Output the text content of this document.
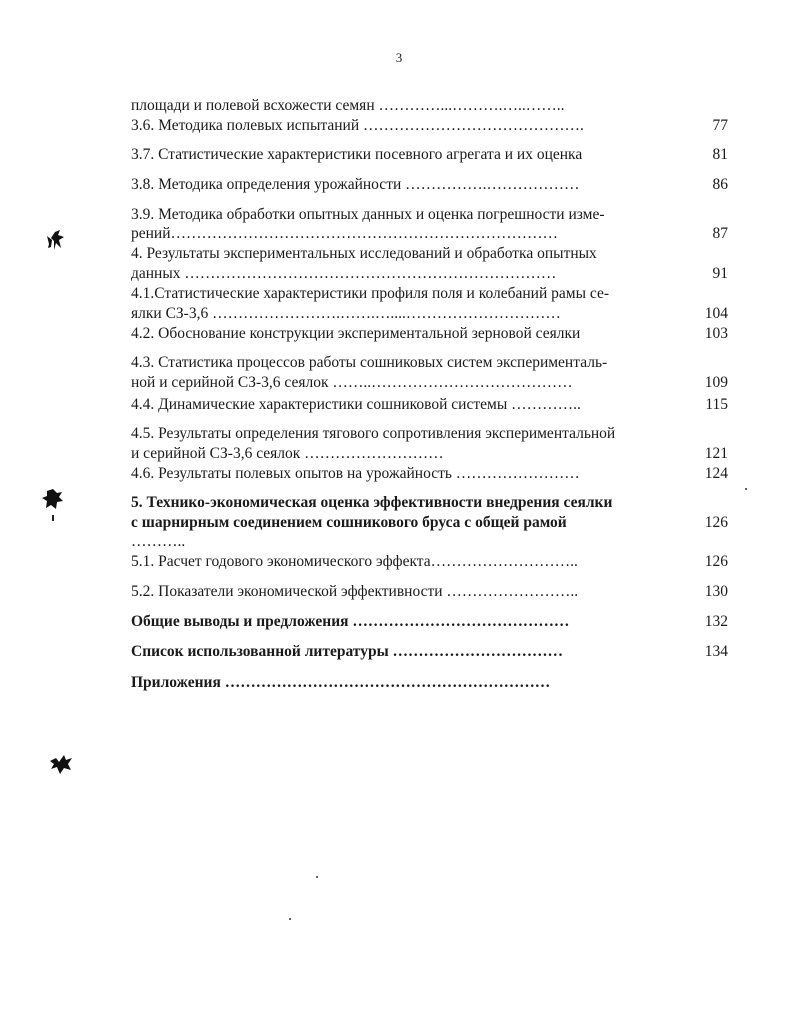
3
площади и полевой всхожести семян …………...……….…..……..
3.6. Методика полевых испытаний …………………………………….
3.7. Статистические характеристики посевного агрегата и их оценка
3.8. Методика определения урожайности …………….………………
3.9. Методика обработки опытных данных и оценка погрешности изме-
рений…………………………………………………………………
4. Результаты экспериментальных исследований и обработка опытных
данных ………………………………………………………………
4.1.Статистические характеристики профиля поля и колебаний рамы се-
ялки СЗ-3,6 …………………….…….…....…………………………
4.2. Обоснование конструкции экспериментальной зерновой сеялки
4.3. Статистика процессов работы сошниковых систем эксперименталь-
ной и серийной СЗ-3,6 сеялок ……..…………………………………
4.4. Динамические характеристики сошниковой системы …………..
4.5. Результаты определения тягового сопротивления экспериментальной
и серийной СЗ-3,6 сеялок ………………………
4.6. Результаты полевых опытов на урожайность ……………………
5. Технико-экономическая оценка эффективности внедрения сеялки
с шарнирным соединением сошникового бруса с общей рамой
………..
5.1. Расчет годового экономического эффекта………………………..
5.2. Показатели экономической эффективности ……………………..
Общие выводы и предложения ……………………………………
Список использованной литературы ……………………………
Приложения ………………………………………………………
77
81
86
87
91
104
103
109
115
121
124
126
126
130
132
134
